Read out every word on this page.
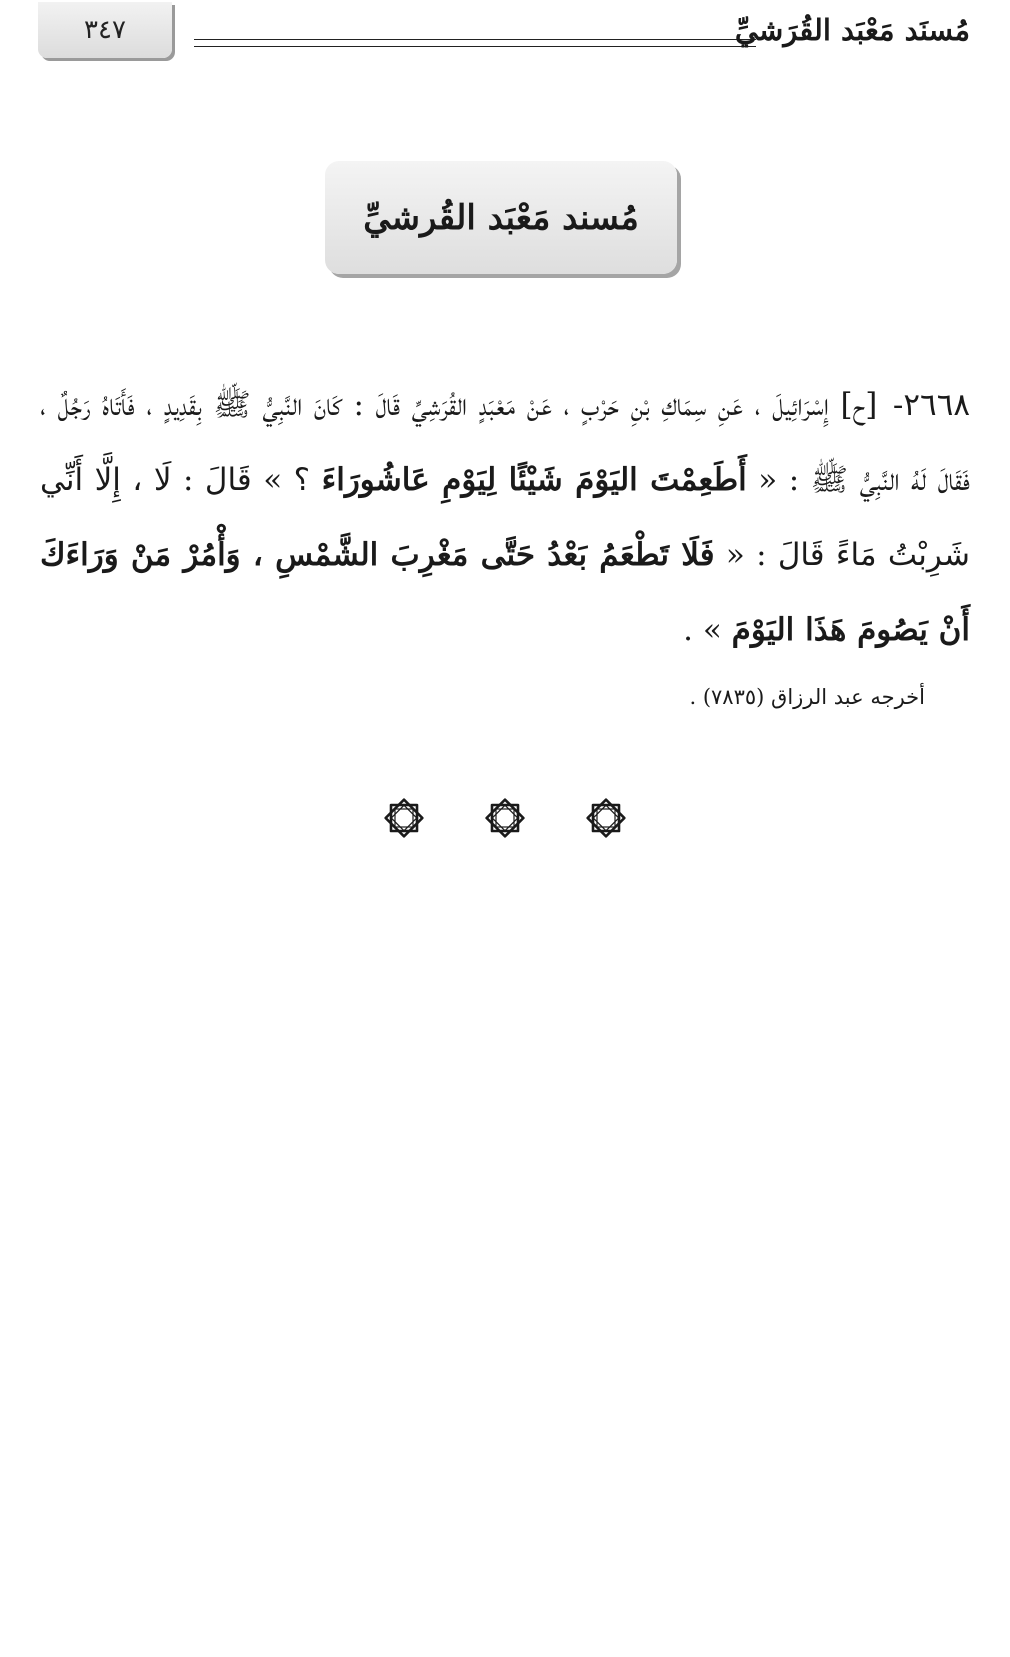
٣٤٧	مُسنَد مَعْبَد القُرَشيِّ
مُسند مَعْبَد القُرشيِّ
٢٦٦٨- [ح] إِسْرَائِيلَ ، عَنِ سِمَاكِ بْنِ حَرْبٍ ، عَنْ مَعْبَدٍ القُرَشِيِّ قَالَ : كَانَ النَّبِيُّ ﷺ بِقَدِيدٍ ، فَأَتَاهُ رَجُلٌ ، فَقَالَ لَهُ النَّبِيُّ ﷺ : « أَطَعِمْتَ اليَوْمَ شَيْئًا لِيَوْمِ عَاشُورَاءَ ؟ » قَالَ : لَا ، إِلَّا أَنِّي شَرِبْتُ مَاءً قَالَ : « فَلَا تَطْعَمُ بَعْدُ حَتَّى مَغْرِبَ الشَّمْسِ ، وَأْمُرْ مَنْ وَرَاءَكَ أَنْ يَصُومَ هَذَا اليَوْمَ » .
أخرجه عبد الرزاق (٧٨٣٥) .
